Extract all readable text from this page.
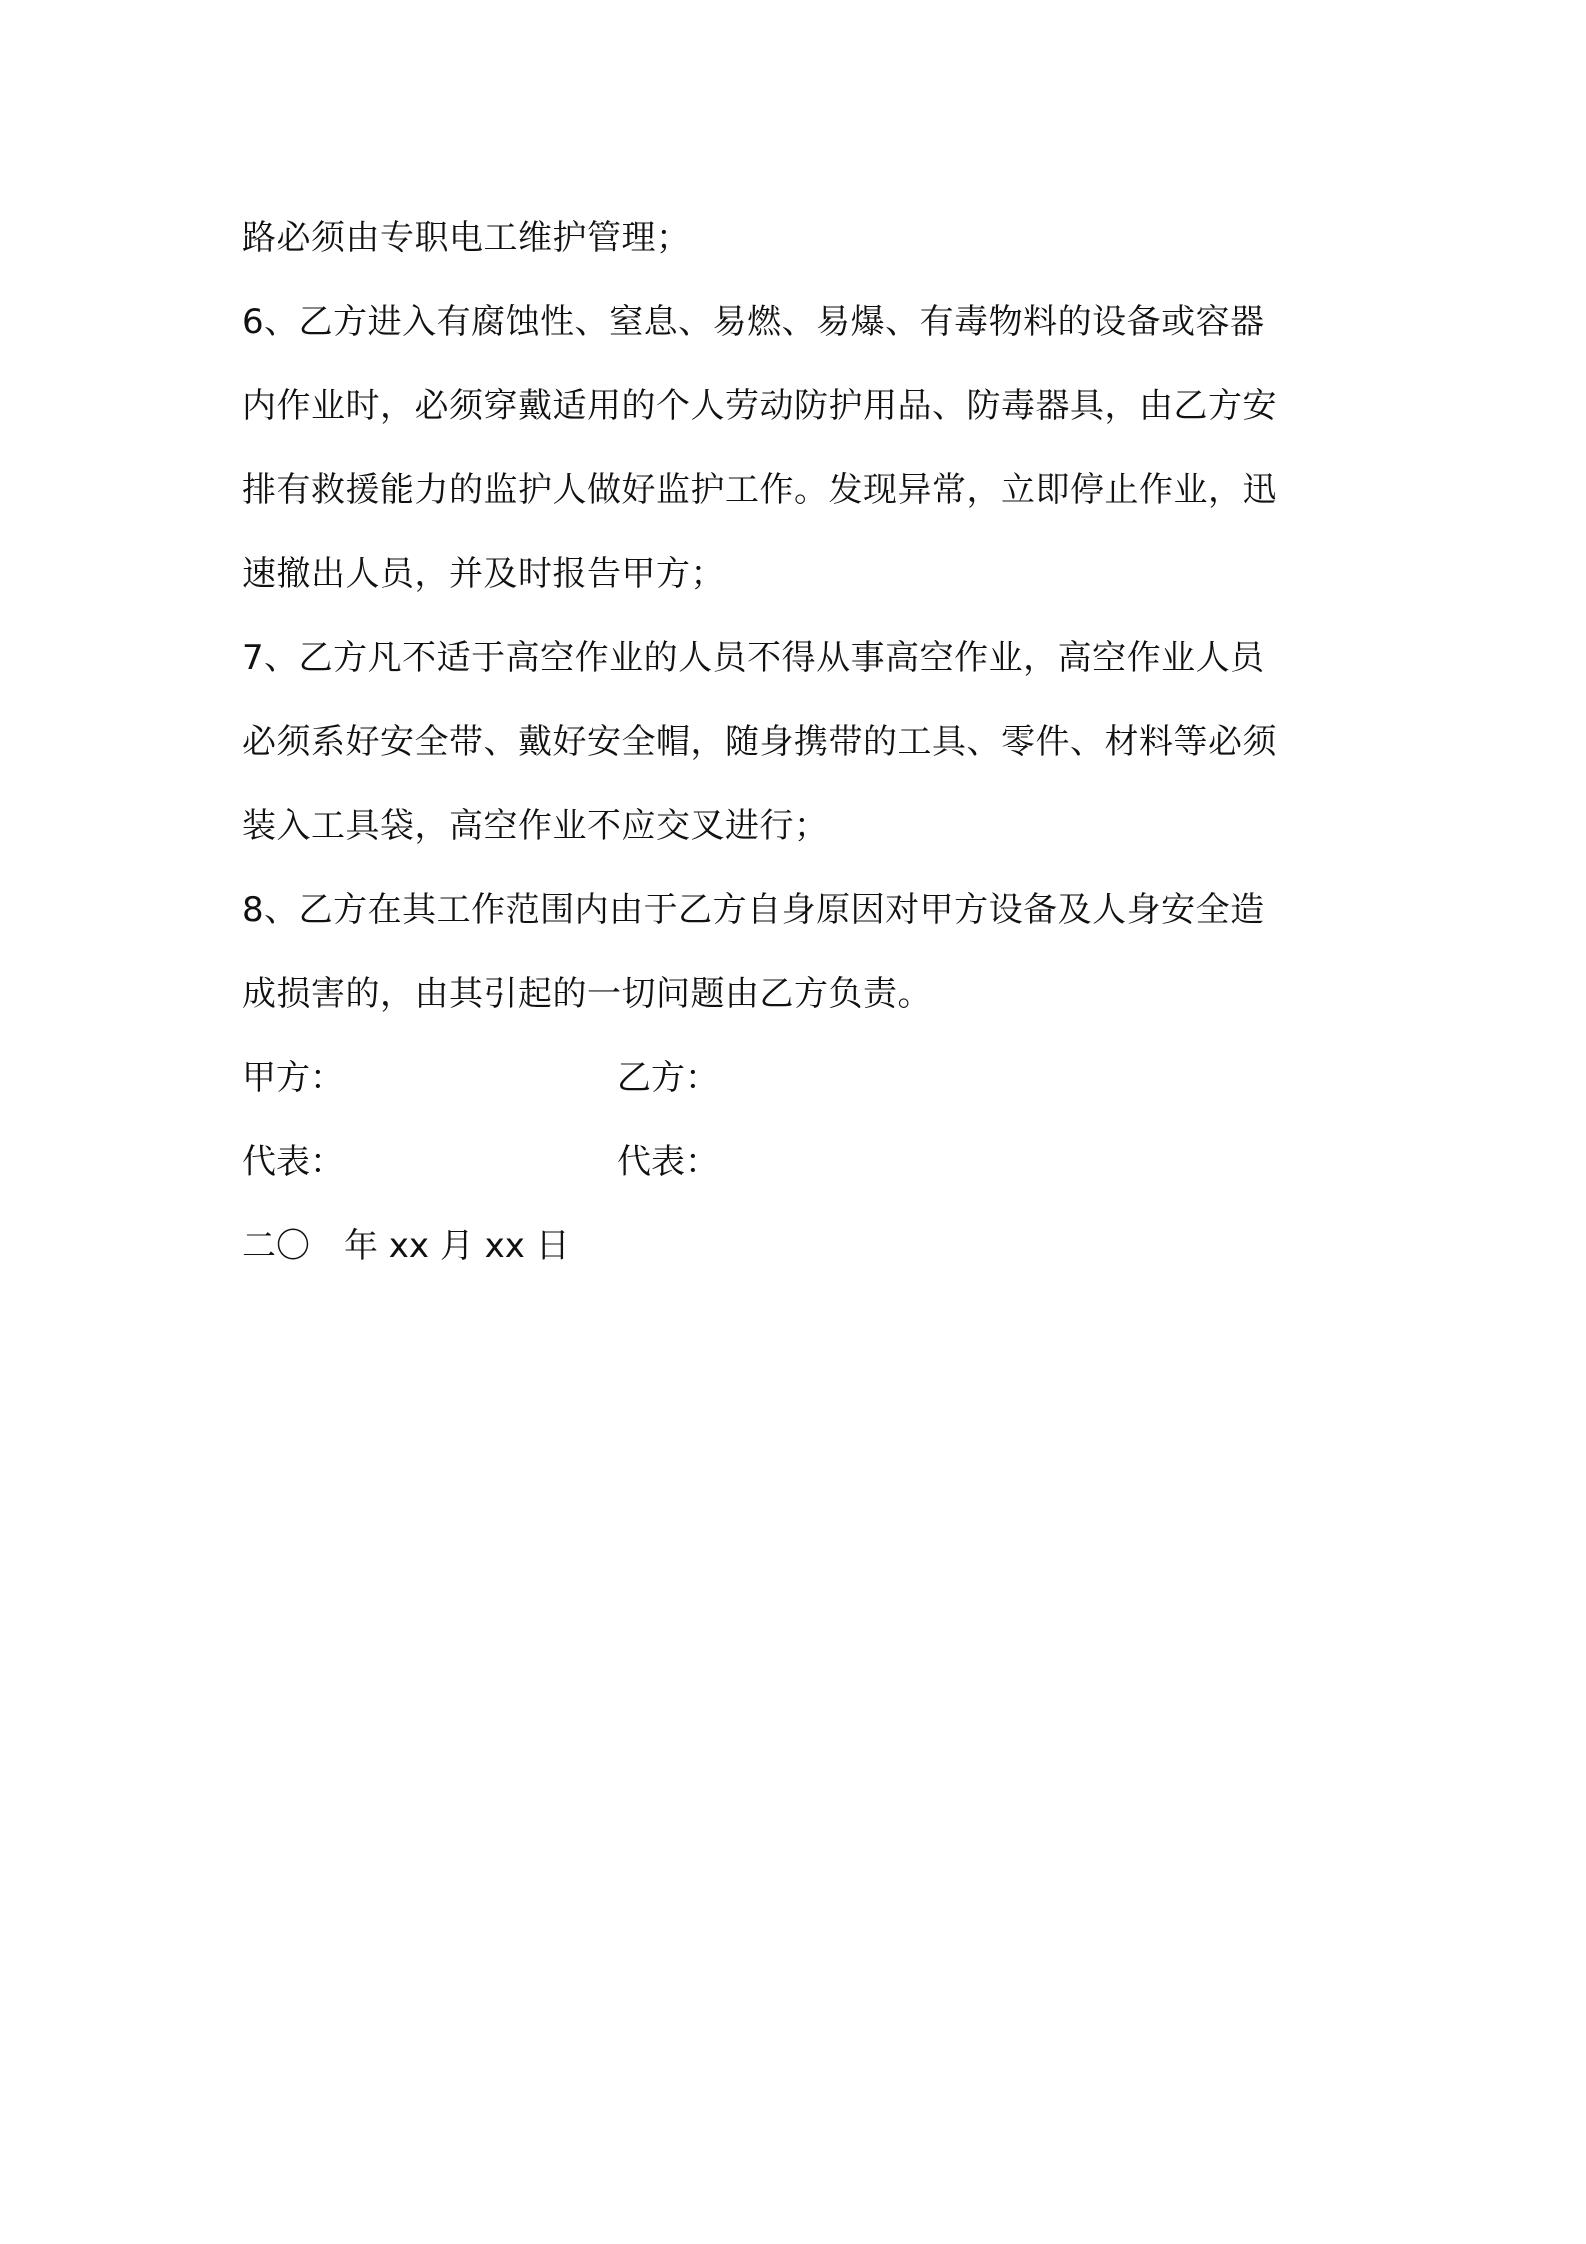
路必须由专职电工维护管理；
6、乙方进入有腐蚀性、窒息、易燃、易爆、有毒物料的设备或容器
内作业时，必须穿戴适用的个人劳动防护用品、防毒器具，由乙方安
排有救援能力的监护人做好监护工作。发现异常，立即停止作业，迅
速撤出人员，并及时报告甲方；
7、乙方凡不适于高空作业的人员不得从事高空作业，高空作业人员
必须系好安全带、戴好安全帽，随身携带的工具、零件、材料等必须
装入工具袋，高空作业不应交叉进行；
8、乙方在其工作范围内由于乙方自身原因对甲方设备及人身安全造
成损害的，由其引起的一切问题由乙方负责。
甲方：	乙方：
代表：	代表：
二〇　年 xx 月 xx 日
